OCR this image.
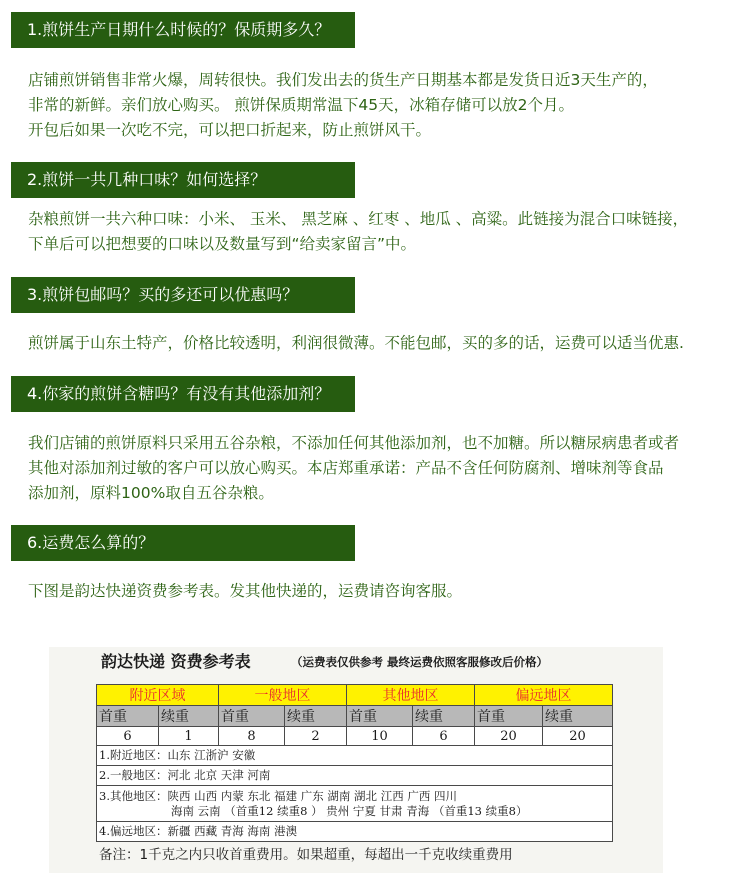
1.煎饼生产日期什么时候的？保质期多久？
店铺煎饼销售非常火爆，周转很快。我们发出去的货生产日期基本都是发货日近3天生产的，
非常的新鲜。亲们放心购买。 煎饼保质期常温下45天，冰箱存储可以放2个月。
开包后如果一次吃不完，可以把口折起来，防止煎饼风干。
2.煎饼一共几种口味？如何选择？
杂粮煎饼一共六种口味：小米、 玉米、 黑芝麻 、红枣 、地瓜 、高粱。此链接为混合口味链接，
下单后可以把想要的口味以及数量写到“给卖家留言”中。
3.煎饼包邮吗？买的多还可以优惠吗？
煎饼属于山东土特产，价格比较透明，利润很微薄。不能包邮，买的多的话，运费可以适当优惠.
4.你家的煎饼含糖吗？有没有其他添加剂？
我们店铺的煎饼原料只采用五谷杂粮，不添加任何其他添加剂，也不加糖。所以糖尿病患者或者
其他对添加剂过敏的客户可以放心购买。本店郑重承诺：产品不含任何防腐剂、增味剂等食品
添加剂，原料100%取自五谷杂粮。
6.运费怎么算的？
下图是韵达快递资费参考表。发其他快递的，运费请咨询客服。
韵达快递 资费参考表	（运费表仅供参考 最终运费依照客服修改后价格）
附近区域		一般地区		其他地区		偏远地区	
首重	续重	首重	续重	首重	续重	首重	续重
6	1	8	2	10	6	20	20
1.附近地区：山东 江浙沪 安徽							
2.一般地区：河北 北京 天津 河南							

3.其他地区：陕西 山西 内蒙 东北 福建 广东 湖南 湖北 江西 广西 四川
海南 云南 （首重12 续重8 ） 贵州 宁夏 甘肃 青海 （首重13 续重8）							

4.偏远地区：新疆 西藏 青海 海南 港澳							
备注：1千克之内只收首重费用。如果超重，每超出一千克收续重费用
